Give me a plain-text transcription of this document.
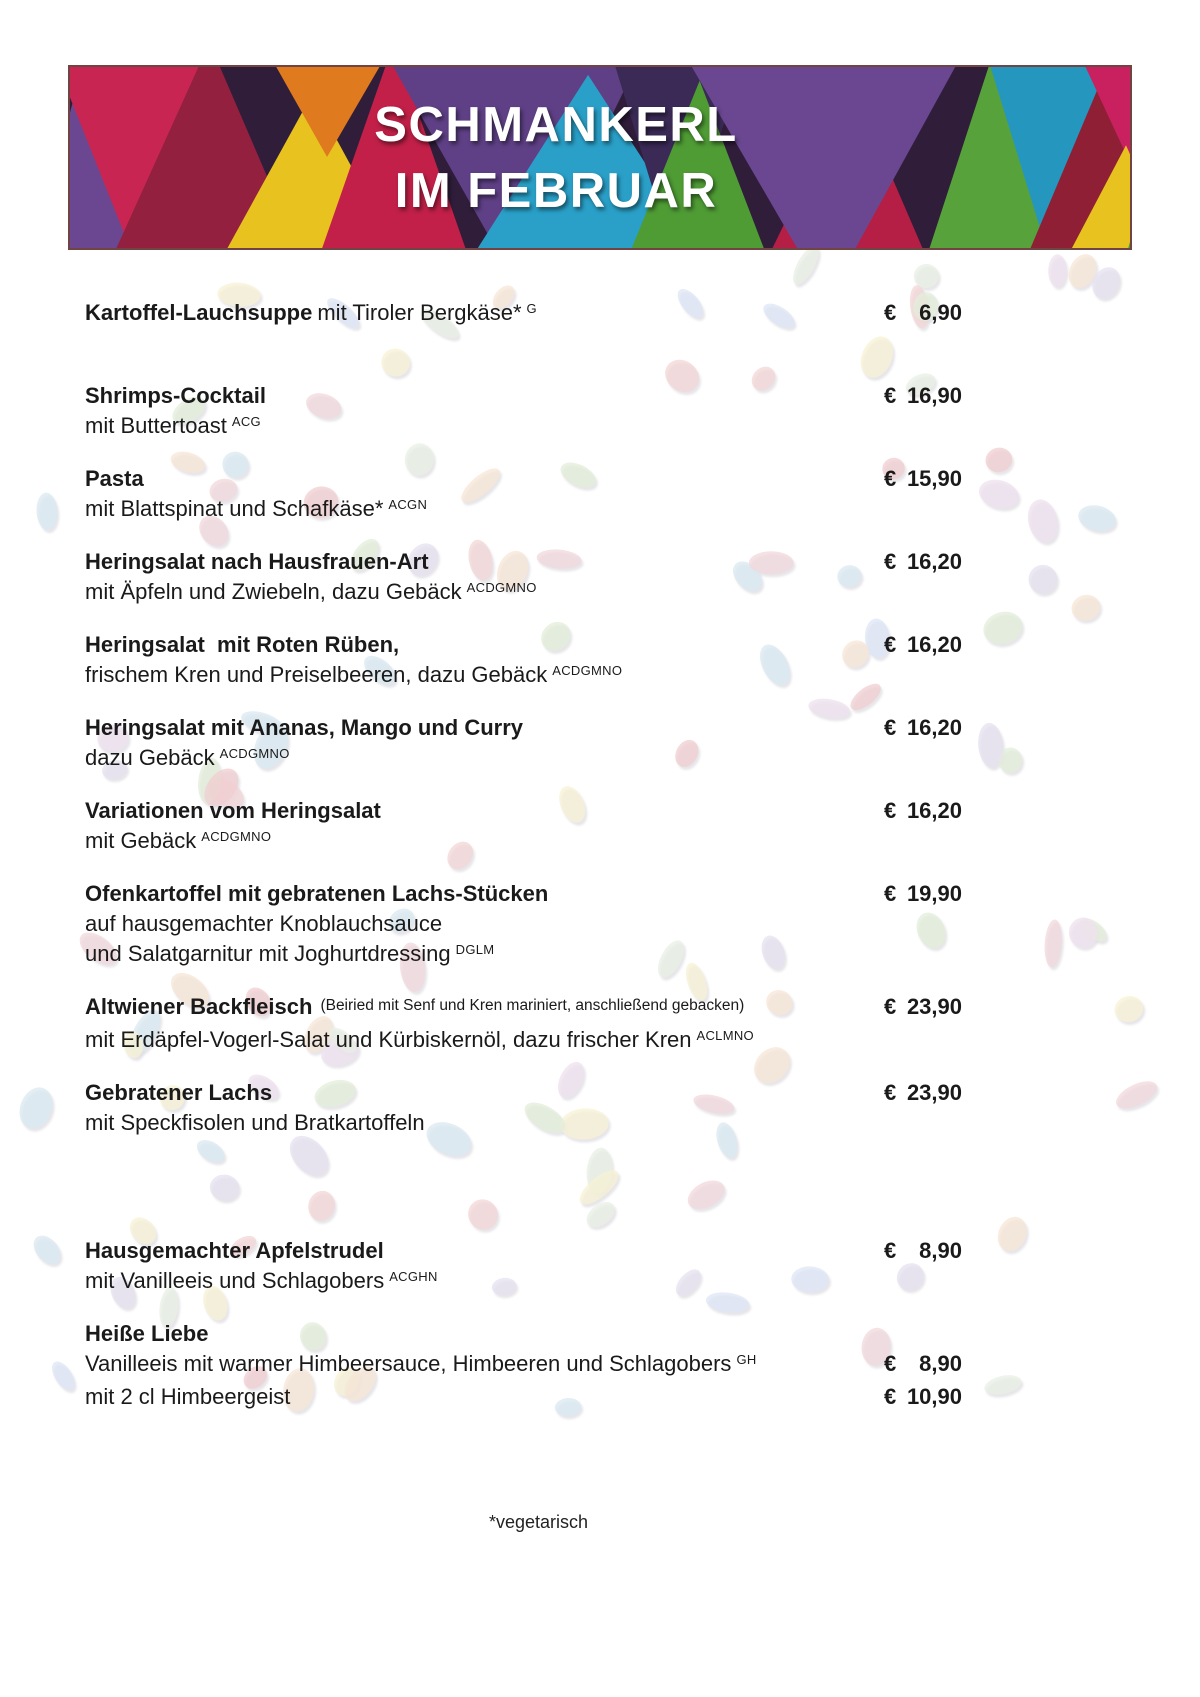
SCHMANKERL
IM FEBRUAR
Kartoffel-Lauchsuppe mit Tiroler Bergkäse* $^G$	€ 6,90
Shrimps-Cocktail	€ 16,90
mit Buttertoast $^{ACG}$
Pasta	€ 15,90
mit Blattspinat und Schafkäse* $^{ACGN}$
Heringsalat nach Hausfrauen-Art	€ 16,20
mit Äpfeln und Zwiebeln, dazu Gebäck $^{ACDGMNO}$
Heringsalat  mit Roten Rüben,	€ 16,20
frischem Kren und Preiselbeeren, dazu Gebäck $^{ACDGMNO}$
Heringsalat mit Ananas, Mango und Curry	€ 16,20
dazu Gebäck $^{ACDGMNO}$
Variationen vom Heringsalat	€ 16,20
mit Gebäck $^{ACDGMNO}$
Ofenkartoffel mit gebratenen Lachs-Stücken	€ 19,90
auf hausgemachter Knoblauchsauce
und Salatgarnitur mit Joghurtdressing $^{DGLM}$
Altwiener Backfleisch (Beiried mit Senf und Kren mariniert, anschließend gebacken)	€ 23,90
mit Erdäpfel-Vogerl-Salat und Kürbiskernöl, dazu frischer Kren $^{ACLMNO}$
Gebratener Lachs	€ 23,90
mit Speckfisolen und Bratkartoffeln
Hausgemachter Apfelstrudel	€ 8,90
mit Vanilleeis und Schlagobers $^{ACGHN}$
Heiße Liebe
Vanilleeis mit warmer Himbeersauce, Himbeeren und Schlagobers $^{GH}$	€ 8,90
mit 2 cl Himbeergeist	€ 10,90
*vegetarisch
